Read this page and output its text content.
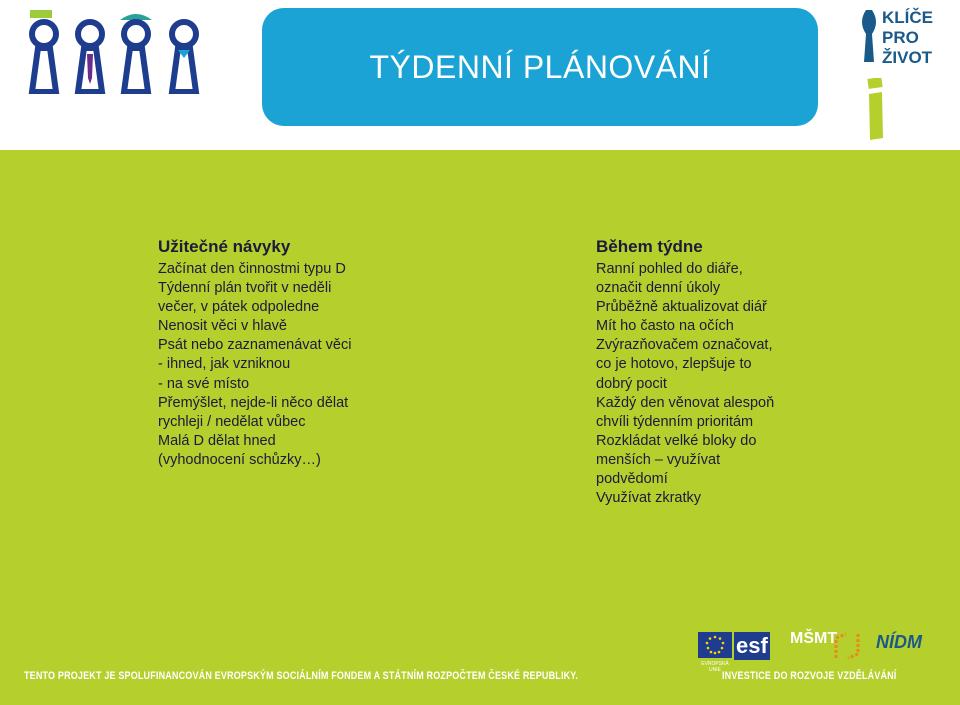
TÝDENNÍ PLÁNOVÁNÍ
KLÍČE
PRO
ŽIVOT
Užitečné návyky
Začínat den činnostmi typu D
Týdenní plán tvořit v neděli
večer, v pátek odpoledne
Nenosit věci v hlavě
Psát nebo zaznamenávat věci
- ihned, jak vzniknou
- na své místo
Přemýšlet, nejde-li něco dělat
rychleji / nedělat vůbec
Malá D dělat hned
(vyhodnocení schůzky…)
Během týdne
Ranní pohled do diáře,
označit denní úkoly
Průběžně aktualizovat diář
Mít ho často na očích
Zvýrazňovačem označovat,
co je hotovo, zlepšuje to
dobrý pocit
Každý den věnovat alespoň
chvíli týdenním prioritám
Rozkládat velké bloky do
menších – využívat
podvědomí
Využívat zkratky
EVROPSKÁ UNIE
esf MŠMT NÍDM
TENTO PROJEKT JE SPOLUFINANCOVÁN EVROPSKÝM SOCIÁLNÍM FONDEM A STÁTNÍM ROZPOČTEM ČESKÉ REPUBLIKY.	INVESTICE DO ROZVOJE VZDĚLÁVÁNÍ
